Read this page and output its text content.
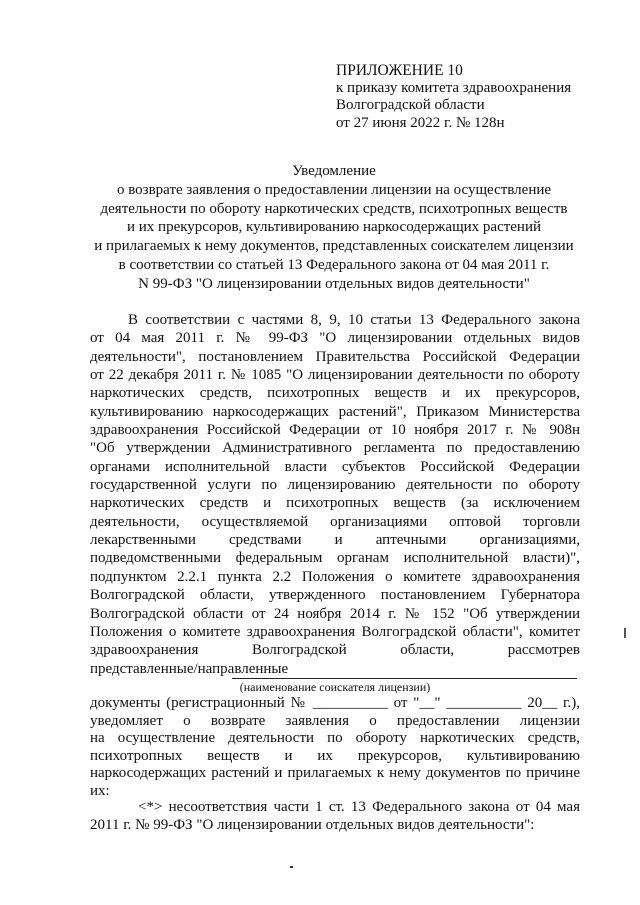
ПРИЛОЖЕНИЕ 10
к приказу комитета здравоохранения
Волгоградской области
от 27 июня 2022 г. № 128н
Уведомление
о возврате заявления о предоставлении лицензии на осуществление
деятельности по обороту наркотических средств, психотропных веществ
и их прекурсоров, культивированию наркосодержащих растений
и прилагаемых к нему документов, представленных соискателем лицензии
в соответствии со статьей 13 Федерального закона от 04 мая 2011 г.
N 99-ФЗ "О лицензировании отдельных видов деятельности"
В соответствии с частями 8, 9, 10 статьи 13 Федерального закона
от 04 мая 2011 г. № 99-ФЗ "О лицензировании отдельных видов
деятельности", постановлением Правительства Российской Федерации
от 22 декабря 2011 г. № 1085 "О лицензировании деятельности по обороту
наркотических средств, психотропных веществ и их прекурсоров,
культивированию наркосодержащих растений", Приказом Министерства
здравоохранения Российской Федерации от 10 ноября 2017 г. № 908н
"Об утверждении Административного регламента по предоставлению
органами исполнительной власти субъектов Российской Федерации
государственной услуги по лицензированию деятельности по обороту
наркотических средств и психотропных веществ (за исключением
деятельности, осуществляемой организациями оптовой торговли
лекарственными средствами и аптечными организациями,
подведомственными федеральным органам исполнительной власти)",
подпунктом 2.2.1 пункта 2.2 Положения о комитете здравоохранения
Волгоградской области, утвержденного постановлением Губернатора
Волгоградской области от 24 ноября 2014 г. № 152 "Об утверждении
Положения о комитете здравоохранения Волгоградской области", комитет
здравоохранения Волгоградской области, рассмотрев
представленные/направленные
(наименование соискателя лицензии)
документы (регистрационный № __________ от "__" __________ 20__ г.),
уведомляет о возврате заявления о предоставлении лицензии
на осуществление деятельности по обороту наркотических средств,
психотропных веществ и их прекурсоров, культивированию
наркосодержащих растений и прилагаемых к нему документов по причине
их:
<*> несоответствия части 1 ст. 13 Федерального закона от 04 мая
2011 г. № 99-ФЗ "О лицензировании отдельных видов деятельности":
